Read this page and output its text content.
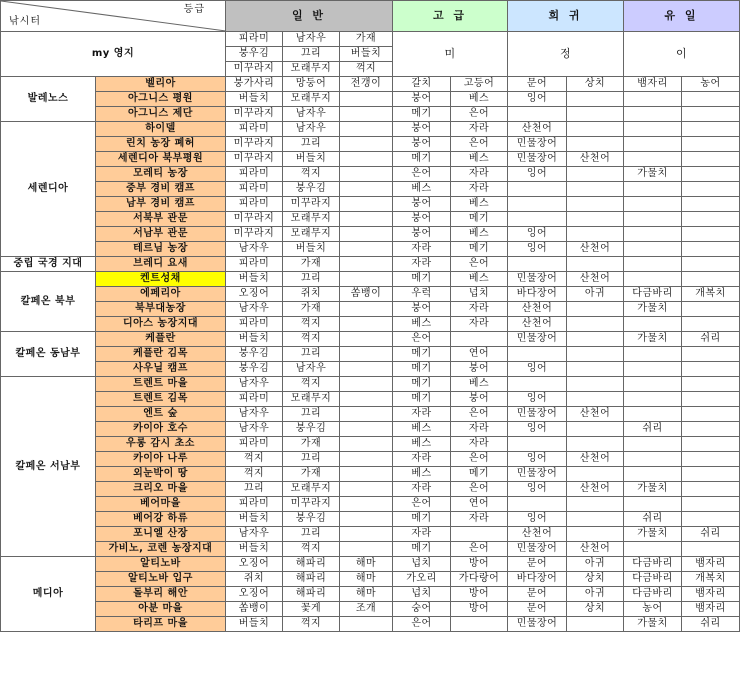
등급
낚시터		일 반			고 급		희 귀		유 일	
my 영지		피라미	남자우	가재	미		정		이	
		붕우김	끄리	버들치						
		미꾸라지	모래무지	꺽지						
발레노스	벨리아	붕가사리	망둥어	전갱이	갈치	고등어	문어	상치	뱀자리	농어
	아그니스 평원	버들치	모래무지		붕어	베스	잉어			
	아그니스 제단	미꾸라지	남자우		메기	은어				
세렌디아	하이델	피라미	남자우		붕어	자라	산천어			
	린치 농장 폐허	미꾸라지	끄리		붕어	은어	민물장어			
	세렌디아 북부평원	미꾸라지	버들치		메기	베스	민물장어	산천어		
	모레티 농장	피라미	꺽지		은어	자라	잉어		가물치	
	중부 경비 캠프	피라미	붕우김		베스	자라				
	남부 경비 캠프	피라미	미꾸라지		붕어	베스				
	서북부 관문	미꾸라지	모래무지		붕어	메기				
	서남부 관문	미꾸라지	모래무지		붕어	베스	잉어			
	테르님 농장	남자우	버들치		자라	메기	잉어	산천어		
중립 국경 지대	브레디 요새	피라미	가재		자라	은어				
칼페온 북부	켄트성채	버들치	끄리		메기	베스	민물장어	산천어		
	에페리아	오징어	쥐치	쏨뱅이	우럭	넙치	바다장어	아귀	다금바리	개복치
	북부대농장	남자우	가재		붕어	자라	산천어		가물치	
	디아스 농장지대	피라미	꺽지		베스	자라	산천어			
칼페온 동남부	케플란	버들치	꺽지		은어		민물장어		가물치	쉬리
	케플란 김목	붕우김	끄리		메기	연어				
	사우닐 캠프	붕우김	남자우		메기	붕어	잉어			
칼페온 서남부	트렌트 마을	남자우	꺽지		메기	베스				
	트렌트 김목	피라미	모래무지		메기	붕어	잉어			
	엔트 숲	남자우	끄리		자라	은어	민물장어	산천어		
	카이아 호수	남자우	붕우김		베스	자라	잉어		쉬리	
	우롱 감시 초소	피라미	가재		베스	자라				
	카이아 나루	꺽지	끄리		자라	은어	잉어	산천어		
	외눈박이 땅	꺽지	가재		베스	메기	민물장어			
	크리오 마을	끄리	모래무지		자라	은어	잉어	산천어	가물치	
	베어마을	피라미	미꾸라지		은어	연어				
	베어강 하류	버들치	붕우김		메기	자라	잉어		쉬리	
	포니엘 산장	남자우	끄리		자라		산천어		가물치	쉬리
	가비노, 코렌 농장지대	버들치	꺽지		메기	은어	민물장어	산천어		
메디아	알티노바	오징어	해파리	해마	넙치	방어	문어	아귀	다금바리	뱀자리
	알티노바 입구	쥐치	해파리	해마	가오리	가다랑어	바다장어	상치	다금바리	개복치
	돌부리 해안	오징어	해파리	해마	넙치	방어	문어	아귀	다금바리	뱀자리
	아분 마을	쏨뱅이	꽃게	조개	숭어	방어	문어	상치	농어	뱀자리
	타리프 마을	버들치	꺽지		은어		민물장어		가물치	쉬리
